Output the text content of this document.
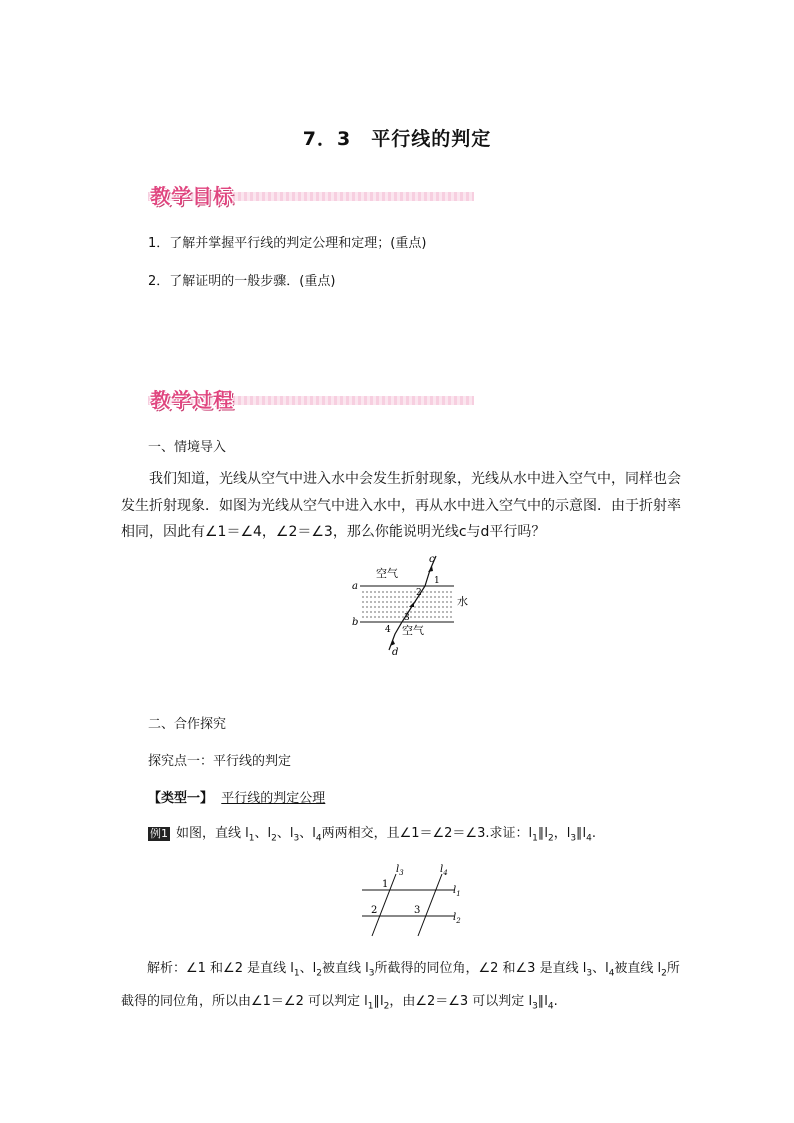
7．3　平行线的判定
教学目标
1．了解并掌握平行线的判定公理和定理；(重点)
2．了解证明的一般步骤．(重点)
教学过程
一、情境导入
我们知道，光线从空气中进入水中会发生折射现象，光线从水中进入空气中，同样也会发生折射现象．如图为光线从空气中进入水中，再从水中进入空气中的示意图．由于折射率相同，因此有∠1＝∠4，∠2＝∠3，那么你能说明光线c与d平行吗？
a
b
c
d
空气
水
空气
1
2
3
4
二、合作探究
探究点一：平行线的判定
【类型一】 平行线的判定公理
例1 如图，直线 $l_1$、$l_2$、$l_3$、$l_4$两两相交，且∠1＝∠2＝∠3.求证：$l_1\parallel l_2$，$l_3\parallel l_4$.
$l_3$	$l_4$
$l_1$
$l_2$
1
2	3
解析：∠1 和∠2 是直线 $l_1$、$l_2$被直线 $l_3$所截得的同位角，∠2 和∠3 是直线 $l_3$、$l_4$被直线 $l_2$所截得的同位角，所以由∠1＝∠2 可以判定 $l_1\parallel l_2$，由∠2＝∠3 可以判定 $l_3\parallel l_4$.
